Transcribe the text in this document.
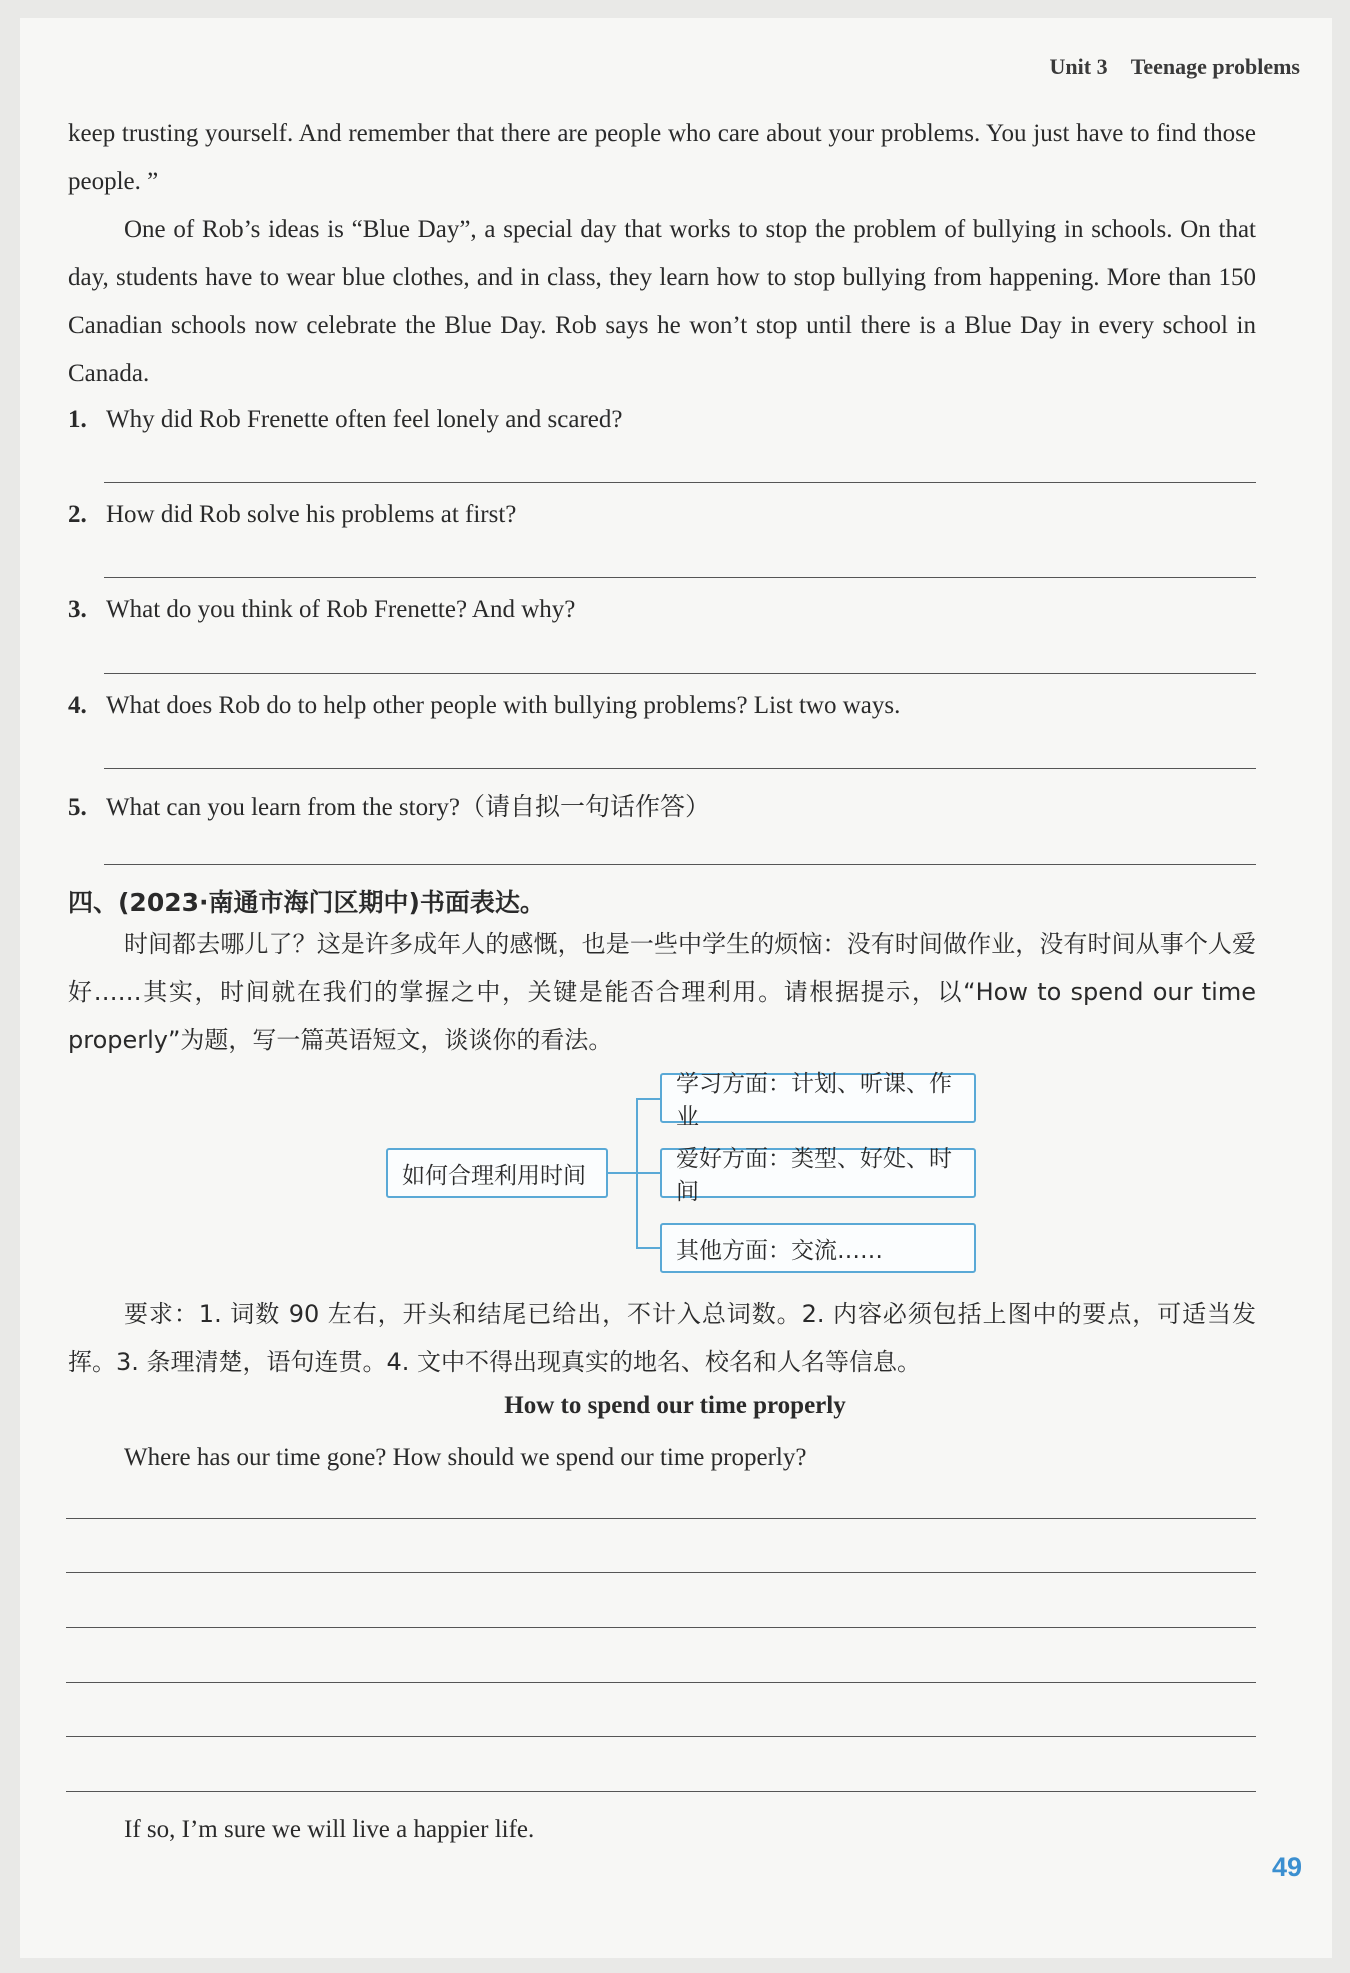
Unit 3 Teenage problems
keep trusting yourself. And remember that there are people who care about your problems. You just have to find those people. ”
One of Rob’s ideas is “Blue Day”, a special day that works to stop the problem of bullying in schools. On that day, students have to wear blue clothes, and in class, they learn how to stop bullying from happening. More than 150 Canadian schools now celebrate the Blue Day. Rob says he won’t stop until there is a Blue Day in every school in Canada.
1. Why did Rob Frenette often feel lonely and scared?
2. How did Rob solve his problems at first?
3. What do you think of Rob Frenette? And why?
4. What does Rob do to help other people with bullying problems? List two ways.
5. What can you learn from the story?（请自拟一句话作答）
四、(2023·南通市海门区期中)书面表达。
时间都去哪儿了？这是许多成年人的感慨，也是一些中学生的烦恼：没有时间做作业，没有时间从事个人爱好……其实，时间就在我们的掌握之中，关键是能否合理利用。请根据提示，以“How to spend our time properly”为题，写一篇英语短文，谈谈你的看法。
如何合理利用时间
学习方面：计划、听课、作业
爱好方面：类型、好处、时间
其他方面：交流……
要求：1. 词数 90 左右，开头和结尾已给出，不计入总词数。2. 内容必须包括上图中的要点，可适当发挥。3. 条理清楚，语句连贯。4. 文中不得出现真实的地名、校名和人名等信息。
How to spend our time properly
Where has our time gone? How should we spend our time properly?
If so, I’m sure we will live a happier life.
49
